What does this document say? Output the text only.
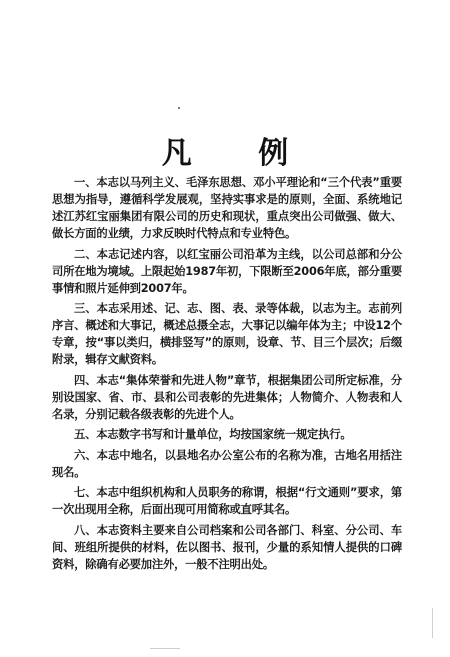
凡 例

一、本志以马列主义、毛泽东思想、邓小平理论和“三个代表”重要思想为指导，遵循科学发展观，坚持实事求是的原则，全面、系统地记述江苏红宝丽集团有限公司的历史和现状，重点突出公司做强、做大、做长方面的业绩，力求反映时代特点和专业特色。

二、本志记述内容，以红宝丽公司沿革为主线，以公司总部和分公司所在地为境域。上限起始1987年初，下限断至2006年底，部分重要事情和照片延伸到2007年。

三、本志采用述、记、志、图、表、录等体裁，以志为主。志前列序言、概述和大事记，概述总摄全志，大事记以编年体为主；中设12个专章，按“事以类归，横排竖写”的原则，设章、节、目三个层次；后缀附录，辑存文献资料。

四、本志“集体荣誉和先进人物”章节，根据集团公司所定标准，分别设国家、省、市、县和公司表彰的先进集体；人物简介、人物表和人名录，分别记载各级表彰的先进个人。

五、本志数字书写和计量单位，均按国家统一规定执行。

六、本志中地名，以县地名办公室公布的名称为准，古地名用括注现名。

七、本志中组织机构和人员职务的称谓，根据“行文通则”要求，第一次出现用全称，后面出现可用简称或直呼其名。

八、本志资料主要来自公司档案和公司各部门、科室、分公司、车间、班组所提供的材料，佐以图书、报刊，少量的系知情人提供的口碑资料，除确有必要加注外，一般不注明出处。
